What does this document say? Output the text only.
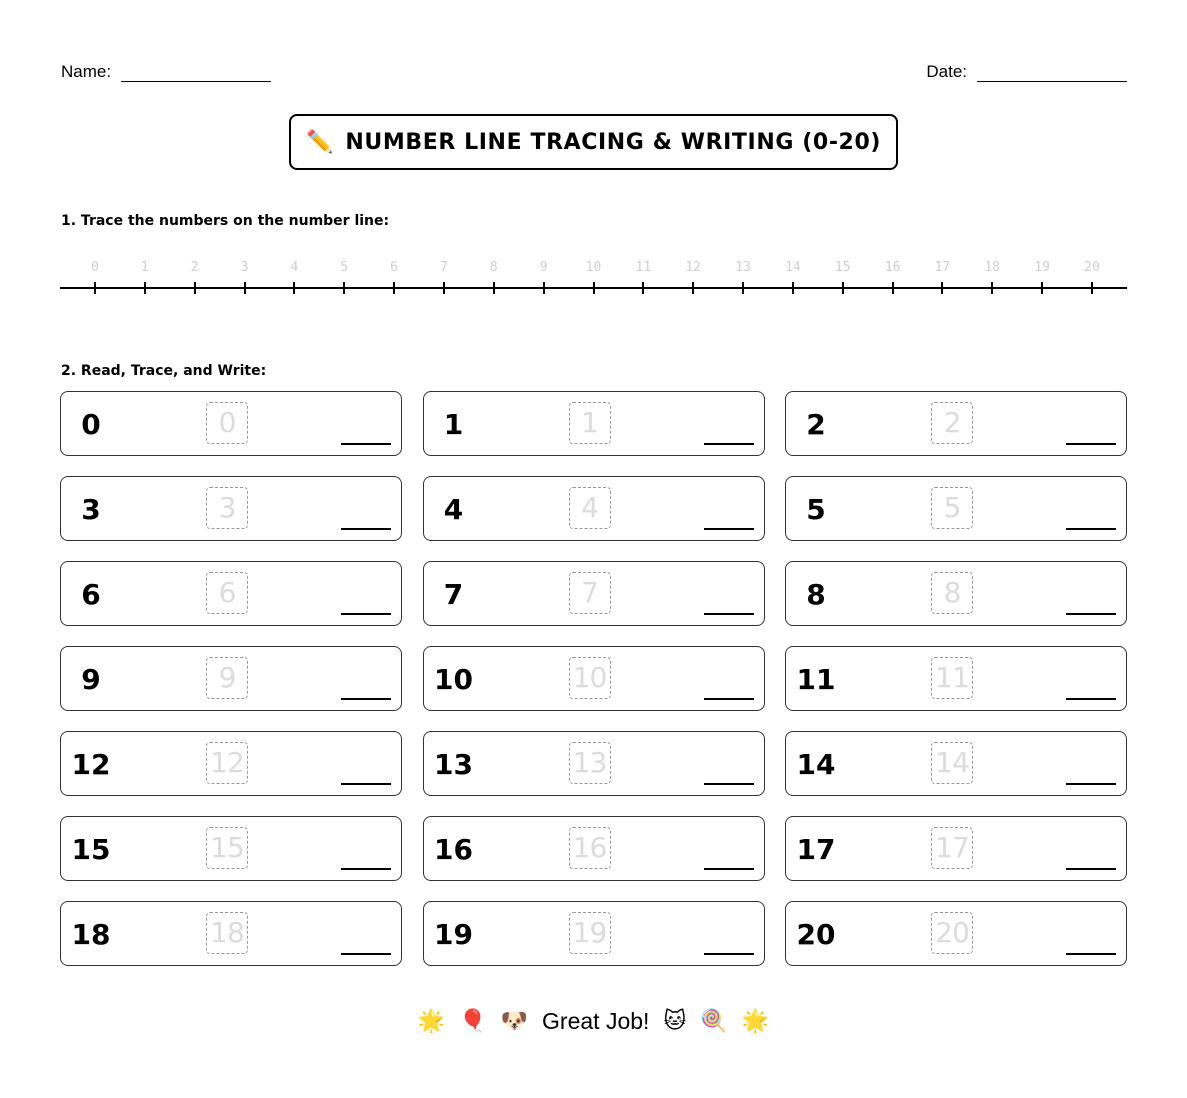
Name:	Date:
✏️ NUMBER LINE TRACING & WRITING (0-20)
1. Trace the numbers on the number line:
0	1	2	3	4	5	6	7	8	9	10	11	12	13	14	15	16	17	18	19	20
2. Read, Trace, and Write:
0	0	1	1	2	2
3	3	4	4	5	5
6	6	7	7	8	8
9	9	10	10	11	11
12	12	13	13	14	14
15	15	16	16	17	17
18	18	19	19	20	20
🌟 🎈 🐶 Great Job! 🐱 🍭 🌟
